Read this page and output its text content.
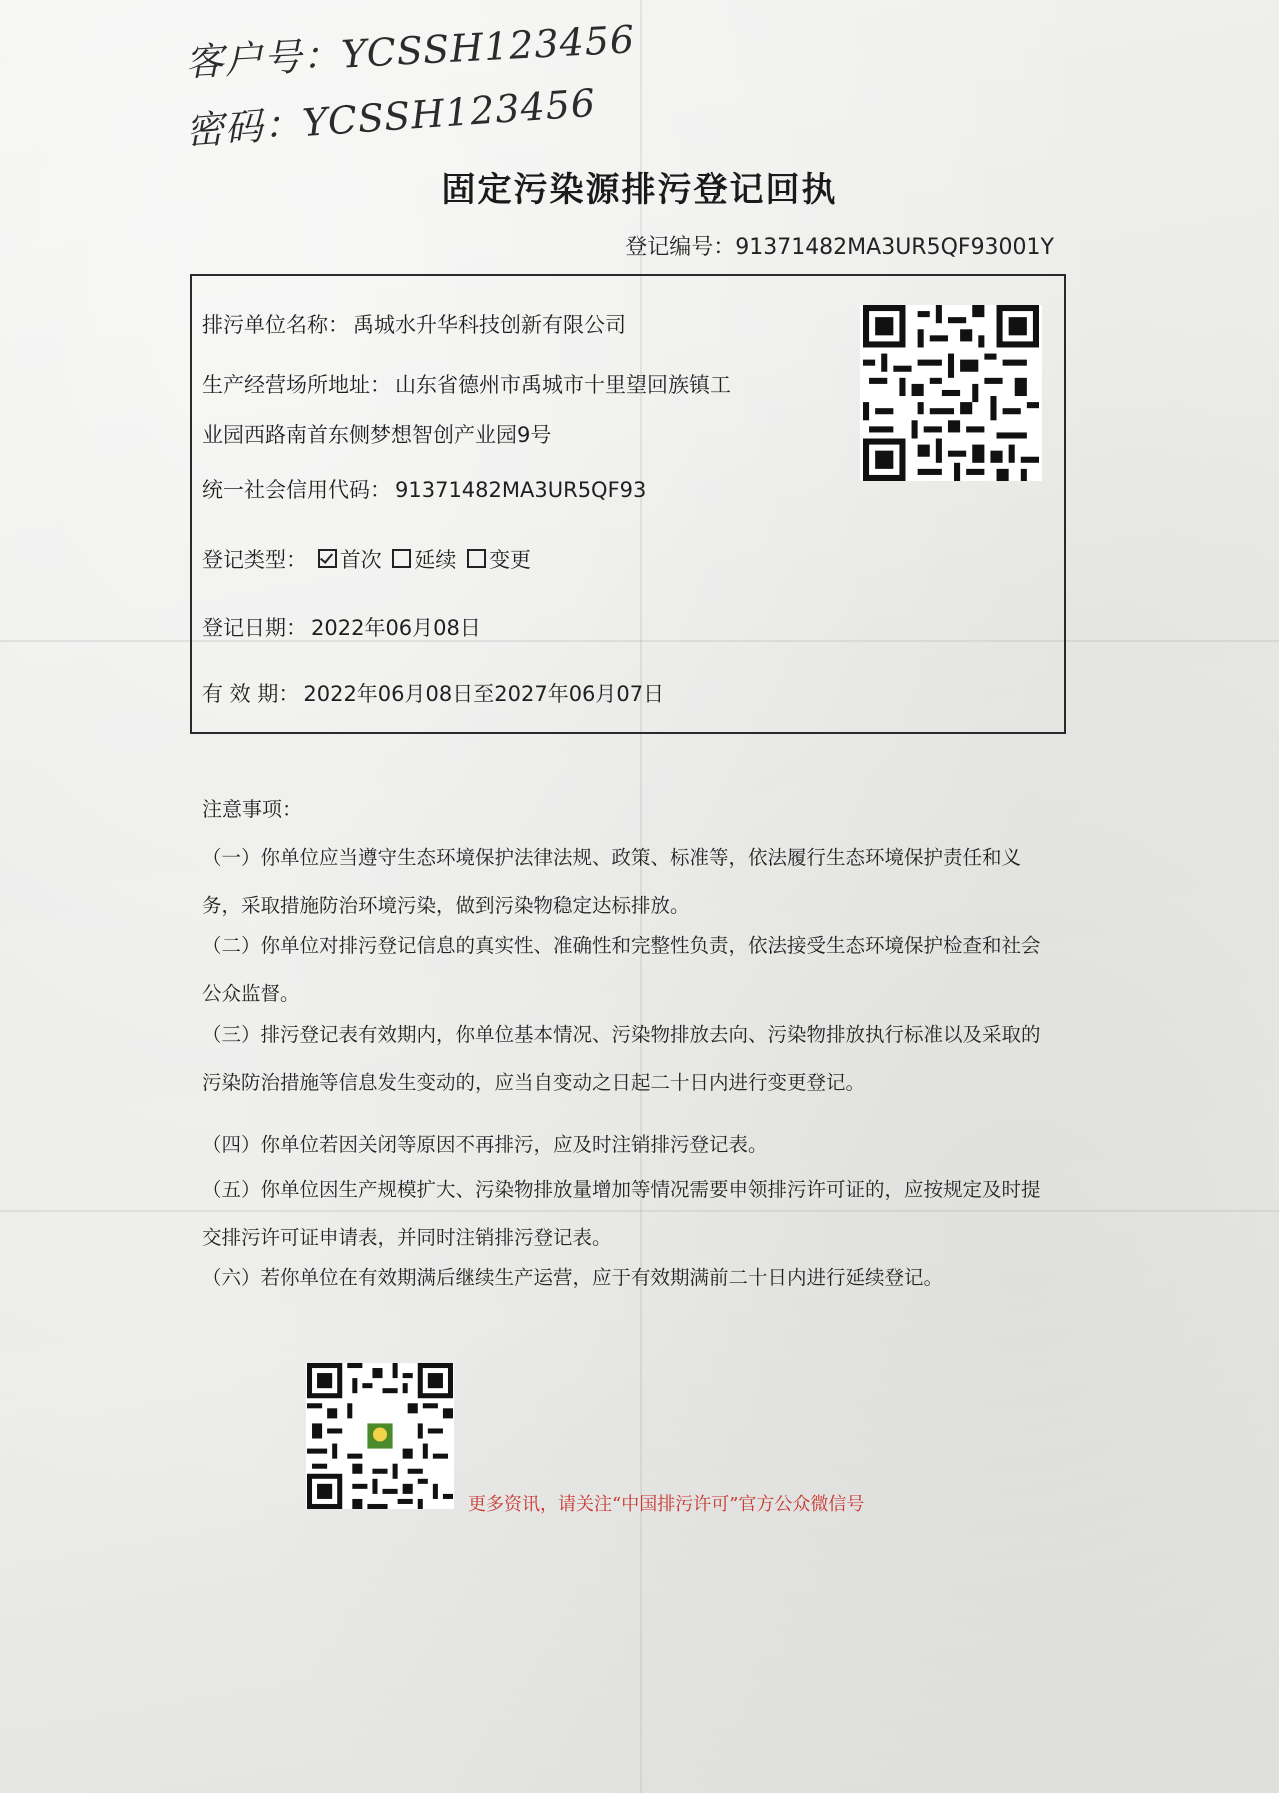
客户号：YCSSH123456
密码：YCSSH123456
固定污染源排污登记回执
登记编号：91371482MA3UR5QF93001Y
排污单位名称： 禹城水升华科技创新有限公司
生产经营场所地址： 山东省德州市禹城市十里望回族镇工
业园西路南首东侧梦想智创产业园9号
统一社会信用代码： 91371482MA3UR5QF93
登记类型： 首次 延续 变更
登记日期： 2022年06月08日
有 效 期： 2022年06月08日至2027年06月07日
注意事项：
（一）你单位应当遵守生态环境保护法律法规、政策、标准等，依法履行生态环境保护责任和义务，采取措施防治环境污染，做到污染物稳定达标排放。
（二）你单位对排污登记信息的真实性、准确性和完整性负责，依法接受生态环境保护检查和社会公众监督。
（三）排污登记表有效期内，你单位基本情况、污染物排放去向、污染物排放执行标准以及采取的污染防治措施等信息发生变动的，应当自变动之日起二十日内进行变更登记。
（四）你单位若因关闭等原因不再排污，应及时注销排污登记表。
（五）你单位因生产规模扩大、污染物排放量增加等情况需要申领排污许可证的，应按规定及时提交排污许可证申请表，并同时注销排污登记表。
（六）若你单位在有效期满后继续生产运营，应于有效期满前二十日内进行延续登记。
更多资讯，请关注“中国排污许可”官方公众微信号
